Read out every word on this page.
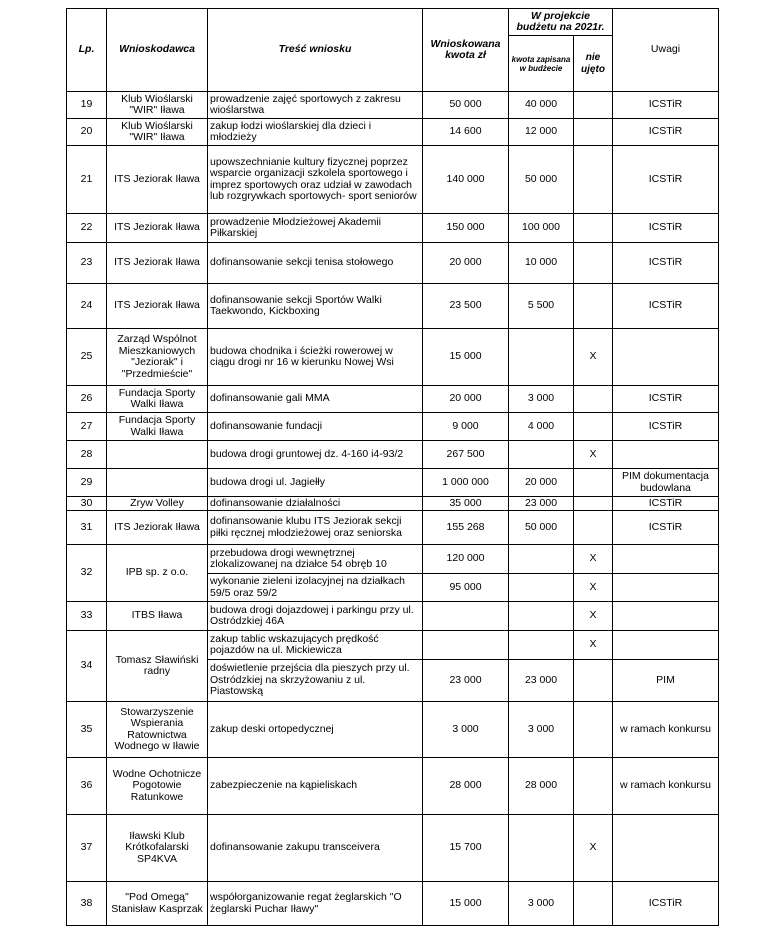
Lp.	Wnioskodawca	Treść wniosku	Wnioskowana kwota zł	W projekcie budżetu na 2021r.		Uwagi
				kwota zapisana w budżecie	nie ujęto	
19	Klub Wioślarski "WIR" Iława	prowadzenie zajęć sportowych z zakresu wioślarstwa	50 000	40 000		ICSTiR
20	Klub Wioślarski "WIR" Iława	zakup łodzi wioślarskiej dla dzieci i młodzieży	14 600	12 000		ICSTiR
21	ITS Jeziorak Iława	upowszechnianie kultury fizycznej poprzez wsparcie organizacji szkolela sportowego i imprez sportowych oraz udział w zawodach lub rozgrywkach sportowych- sport seniorów	140 000	50 000		ICSTiR
22	ITS Jeziorak Iława	prowadzenie Młodzieżowej Akademii Piłkarskiej	150 000	100 000		ICSTiR
23	ITS Jeziorak Iława	dofinansowanie sekcji tenisa stołowego	20 000	10 000		ICSTiR
24	ITS Jeziorak Iława	dofinansowanie sekcji Sportów Walki Taekwondo, Kickboxing	23 500	5 500		ICSTiR
25	Zarząd Wspólnot Mieszkaniowych "Jeziorak" i "Przedmieście"	budowa chodnika i ścieżki rowerowej w ciągu drogi nr 16 w kierunku Nowej Wsi	15 000		X	
26	Fundacja Sporty Walki Iława	dofinansowanie gali MMA	20 000	3 000		ICSTiR
27	Fundacja Sporty Walki Iława	dofinansowanie fundacji	9 000	4 000		ICSTiR
28		budowa drogi gruntowej dz. 4-160 i4-93/2	267 500		X	
29		budowa drogi ul. Jagiełły	1 000 000	20 000		PIM dokumentacja budowlana
30	Zryw Volley	dofinansowanie działalności	35 000	23 000		ICSTiR
31	ITS Jeziorak Iława	dofinansowanie klubu ITS Jeziorak sekcji piłki ręcznej młodzieżowej oraz seniorska	155 268	50 000		ICSTiR
32	IPB sp. z o.o.	przebudowa drogi wewnętrznej zlokalizowanej na działce 54 obręb 10	120 000		X	
		wykonanie zieleni izolacyjnej na działkach 59/5 oraz 59/2	95 000		X	
33	ITBS Iława	budowa drogi dojazdowej i parkingu przy ul. Ostródzkiej 46A			X	
34	Tomasz Sławiński radny	zakup tablic wskazujących prędkość pojazdów na ul. Mickiewicza			X	
		doświetlenie przejścia dla pieszych przy ul. Ostródzkiej na skrzyżowaniu z ul. Piastowską	23 000	23 000		PIM
35	Stowarzyszenie Wspierania Ratownictwa Wodnego w Iławie	zakup deski ortopedycznej	3 000	3 000		w ramach konkursu
36	Wodne Ochotnicze Pogotowie Ratunkowe	zabezpieczenie na kąpieliskach	28 000	28 000		w ramach konkursu
37	Iławski Klub Krótkofalarski SP4KVA	dofinansowanie zakupu transceivera	15 700		X	
38	"Pod Omegą" Stanisław Kasprzak	współorganizowanie regat żeglarskich "O żeglarski Puchar Iławy"	15 000	3 000		ICSTiR
